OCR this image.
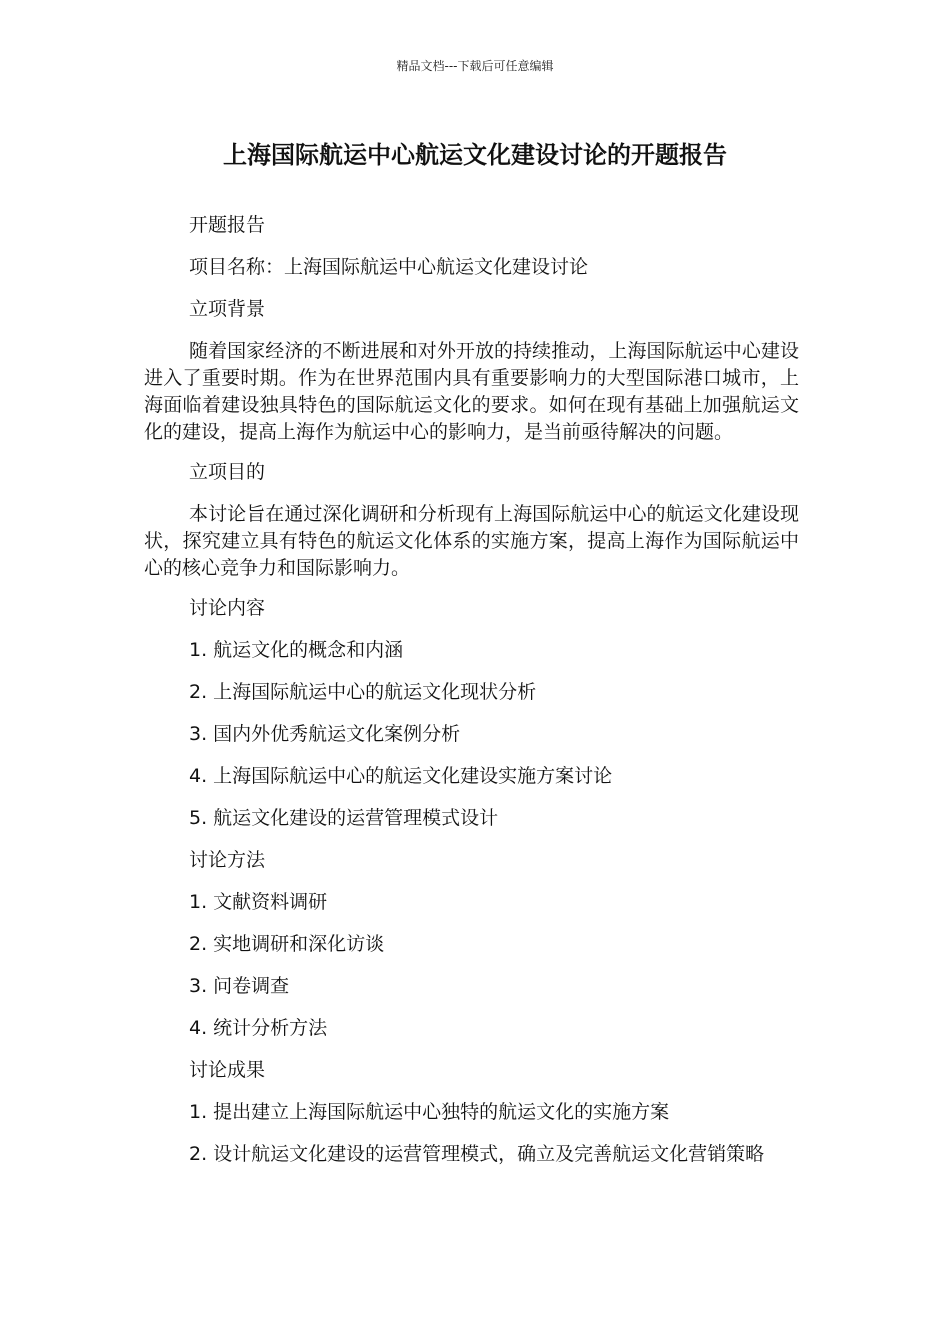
精品文档---下载后可任意编辑
上海国际航运中心航运文化建设讨论的开题报告

开题报告

项目名称：上海国际航运中心航运文化建设讨论

立项背景

随着国家经济的不断进展和对外开放的持续推动，上海国际航运中心建设进入了重要时期。作为在世界范围内具有重要影响力的大型国际港口城市，上海面临着建设独具特色的国际航运文化的要求。如何在现有基础上加强航运文化的建设，提高上海作为航运中心的影响力，是当前亟待解决的问题。

立项目的

本讨论旨在通过深化调研和分析现有上海国际航运中心的航运文化建设现状，探究建立具有特色的航运文化体系的实施方案，提高上海作为国际航运中心的核心竞争力和国际影响力。

讨论内容

1. 航运文化的概念和内涵

2. 上海国际航运中心的航运文化现状分析

3. 国内外优秀航运文化案例分析

4. 上海国际航运中心的航运文化建设实施方案讨论

5. 航运文化建设的运营管理模式设计

讨论方法

1. 文献资料调研

2. 实地调研和深化访谈

3. 问卷调查

4. 统计分析方法

讨论成果

1. 提出建立上海国际航运中心独特的航运文化的实施方案

2. 设计航运文化建设的运营管理模式，确立及完善航运文化营销策略
